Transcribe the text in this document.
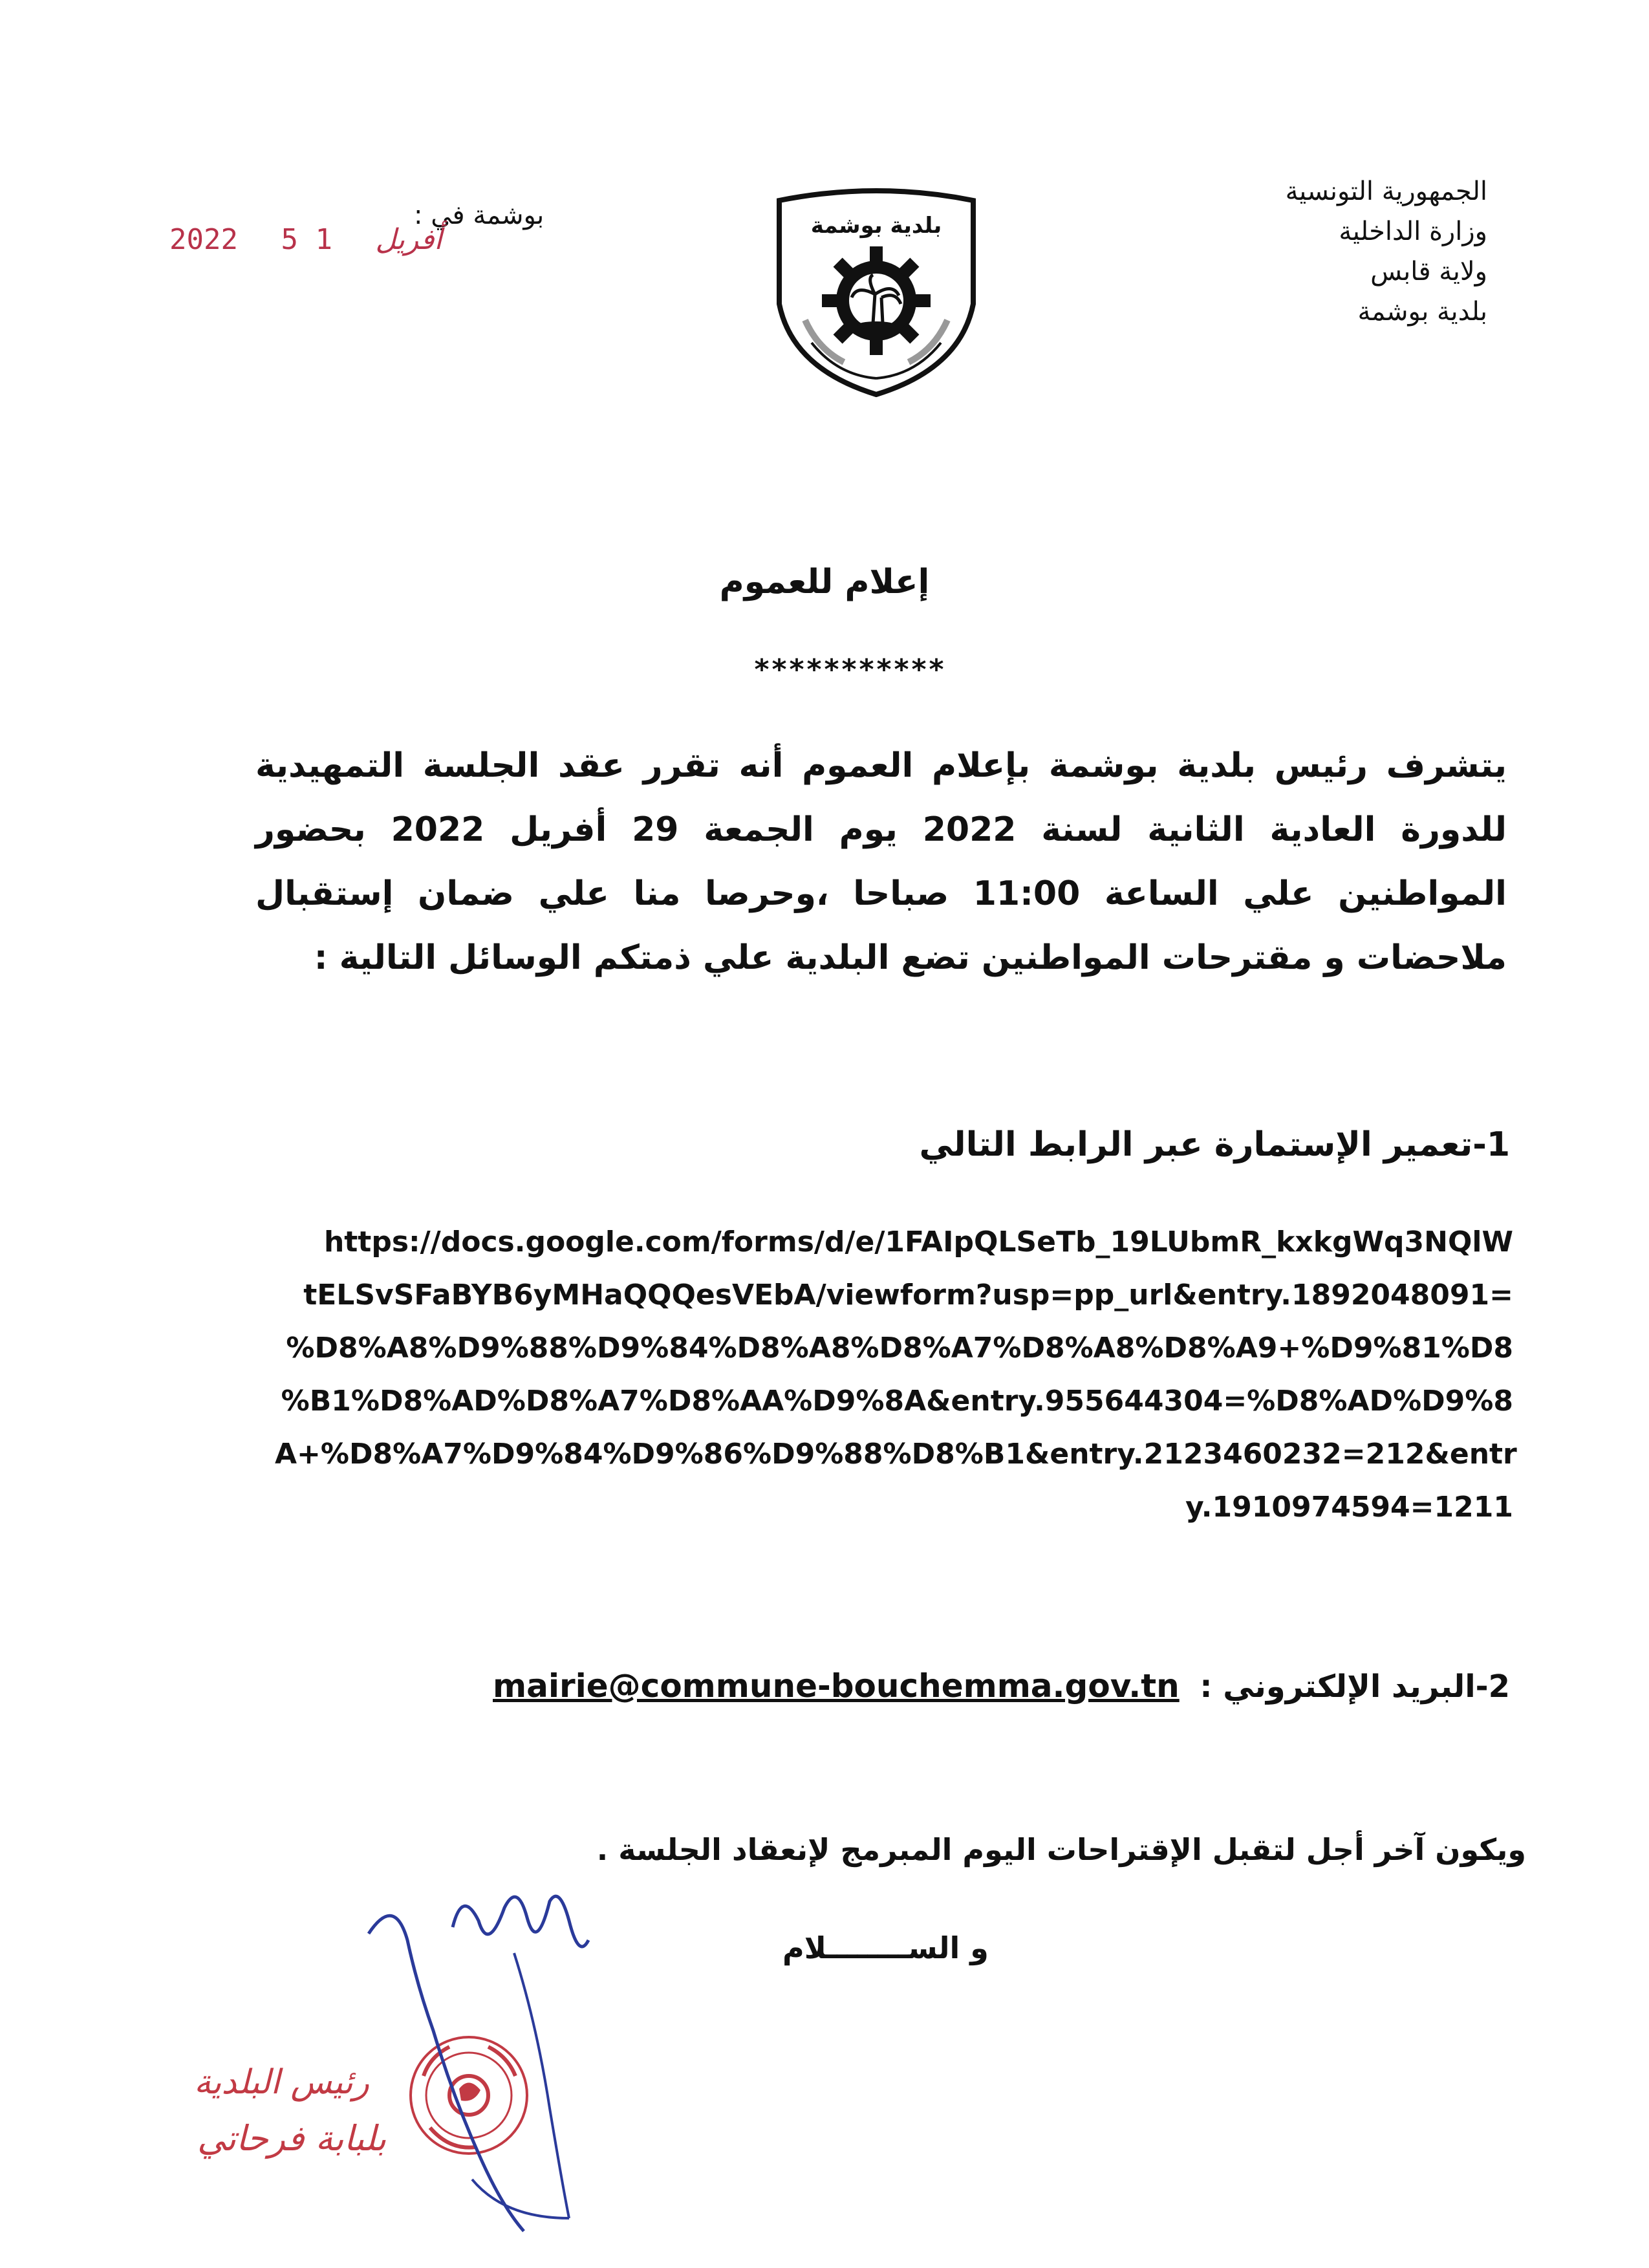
الجمهورية التونسية
وزارة الداخلية
ولاية قابس
بلدية بوشمة
بوشمة في :
2022	أفريل 1 5	بلدية بوشمة
إعلام للعموم
***********
يتشرف رئيس بلدية بوشمة بإعلام العموم أنه تقرر عقد الجلسة التمهيدية للدورة العادية الثانية لسنة 2022 يوم الجمعة 29 أفريل 2022 بحضور المواطنين علي الساعة 11:00 صباحا ،وحرصا منا علي ضمان إستقبال ملاحضات و مقترحات المواطنين تضع البلدية علي ذمتكم الوسائل التالية :
1-تعمير الإستمارة عبر الرابط التالي
https://docs.google.com/forms/d/e/1FAIpQLSeTb_19LUbmR_kxkgWq3NQlW
tELSvSFaBYB6yMHaQQQesVEbA/viewform?usp=pp_url&entry.1892048091=
%D8%A8%D9%88%D9%84%D8%A8%D8%A7%D8%A8%D8%A9+%D9%81%D8
%B1%D8%AD%D8%A7%D8%AA%D9%8A&entry.955644304=%D8%AD%D9%8
A+%D8%A7%D9%84%D9%86%D9%88%D8%B1&entry.2123460232=212&entr
y.1910974594=1211
2-البريد الإلكتروني :
mairie@commune-bouchemma.gov.tn
ويكون آخر أجل لتقبل الإقتراحات اليوم المبرمج لإنعقاد الجلسة .
و الســــــــلام
رئيس البلدية
بلبابة فرحاتي
